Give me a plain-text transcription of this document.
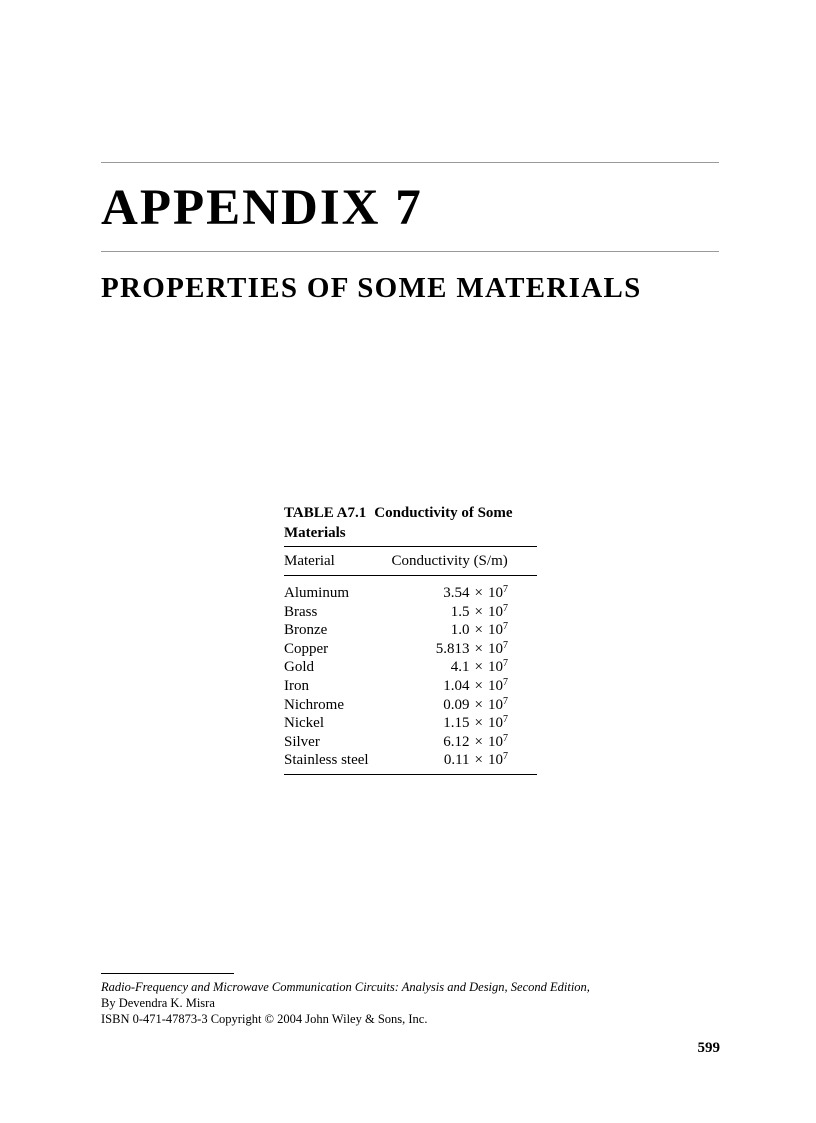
APPENDIX 7
PROPERTIES OF SOME MATERIALS
TABLE A7.1 Conductivity of Some Materials
Material	Conductivity (S/m)

Aluminum	$3.54 \times 10^7$
Brass	$1.5 \times 10^7$
Bronze	$1.0 \times 10^7$
Copper	$5.813 \times 10^7$
Gold	$4.1 \times 10^7$
Iron	$1.04 \times 10^7$
Nichrome	$0.09 \times 10^7$
Nickel	$1.15 \times 10^7$
Silver	$6.12 \times 10^7$
Stainless steel	$0.11 \times 10^7$
Radio-Frequency and Microwave Communication Circuits: Analysis and Design, Second Edition,
By Devendra K. Misra
ISBN 0-471-47873-3 Copyright © 2004 John Wiley & Sons, Inc.
599
